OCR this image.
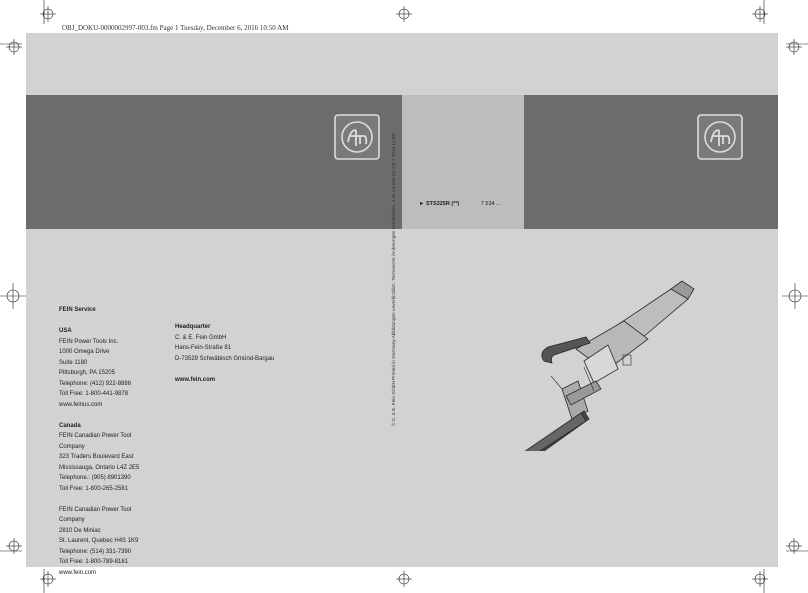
OBJ_DOKU-0000002997-003.fm Page 1 Tuesday, December 6, 2016 10:50 AM
► STS325R (**)	7 534 ...
© C. & E. Fein GmbH Printed in Germany Abbildungen unverbindlich. Technische Änderungen vorbehalten. 3 41 01 062 21 0 B 7 2016.12 DE.
FEIN Service
USA
FEIN Power Tools Inc.
1000 Omega Drive
Suite 1180
Pittsburgh, PA 15205
Telephone: (412) 922-8886
Toll Free: 1-800-441-9878
www.feinus.com
Canada
FEIN Canadian Power Tool
Company
323 Traders Boulevard East
Mississauga, Ontario L4Z 2E5
Telephone.: (905) 8901390
Toll Free: 1-800-265-2581
FEIN Canadian Power Tool
Company
2810 De Miniac
St. Laurent, Quebec H4S 1K9
Telephone: (514) 331-7390
Toll Free: 1-800-789-8181
www.fein.com
Headquarter
C. & E. Fein GmbH
Hans-Fein-Straße 81
D-73529 Schwäbisch Gmünd-Bargau
www.fein.com
